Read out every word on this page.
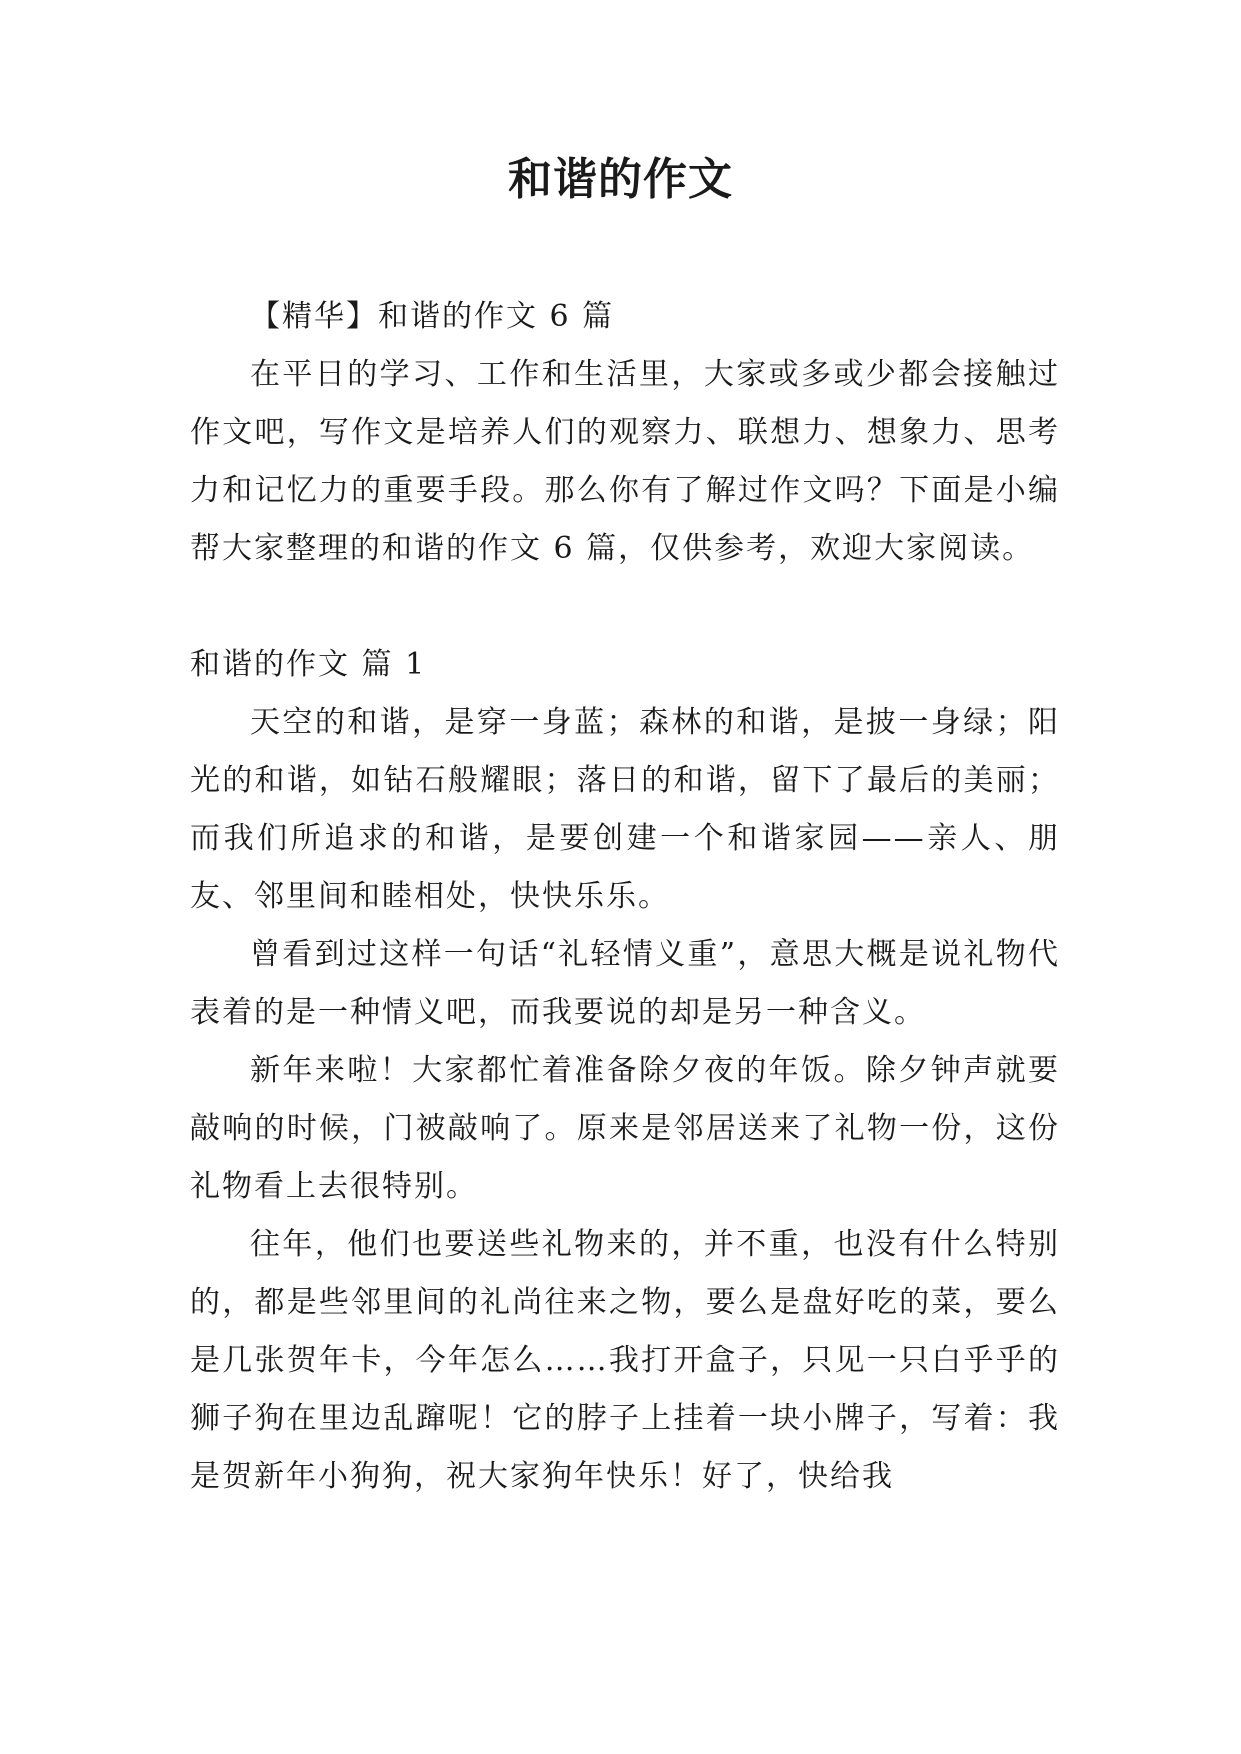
和谐的作文

【精华】和谐的作文 6 篇

在平日的学习、工作和生活里，大家或多或少都会接触过作文吧，写作文是培养人们的观察力、联想力、想象力、思考力和记忆力的重要手段。那么你有了解过作文吗？下面是小编帮大家整理的和谐的作文 6 篇，仅供参考，欢迎大家阅读。

和谐的作文 篇 1

天空的和谐，是穿一身蓝；森林的和谐，是披一身绿；阳光的和谐，如钻石般耀眼；落日的和谐，留下了最后的美丽；而我们所追求的和谐，是要创建一个和谐家园——亲人、朋友、邻里间和睦相处，快快乐乐。

曾看到过这样一句话“礼轻情义重”，意思大概是说礼物代表着的是一种情义吧，而我要说的却是另一种含义。

新年来啦！大家都忙着准备除夕夜的年饭。除夕钟声就要敲响的时候，门被敲响了。原来是邻居送来了礼物一份，这份礼物看上去很特别。

往年，他们也要送些礼物来的，并不重，也没有什么特别的，都是些邻里间的礼尚往来之物，要么是盘好吃的菜，要么是几张贺年卡，今年怎么……我打开盒子，只见一只白乎乎的狮子狗在里边乱蹿呢！它的脖子上挂着一块小牌子，写着：我是贺新年小狗狗，祝大家狗年快乐！好了，快给我
